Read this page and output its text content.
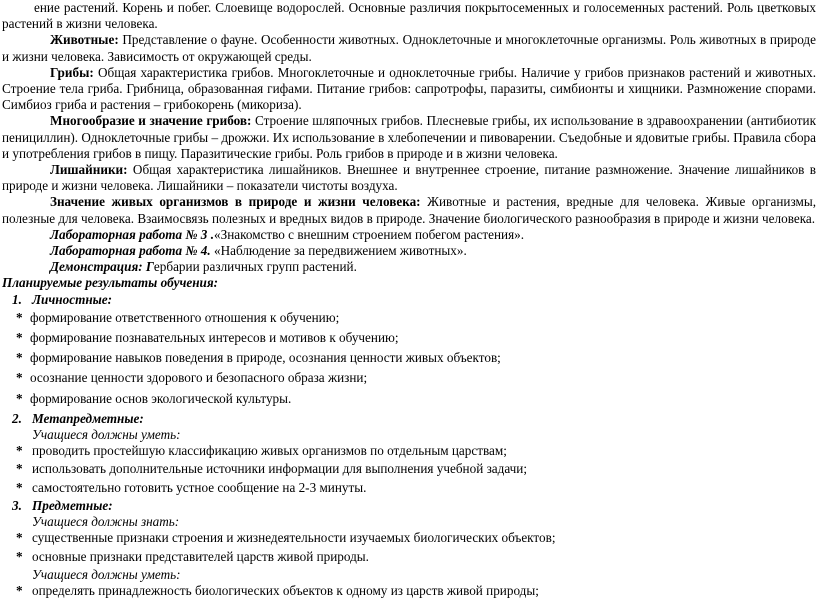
ение растений. Корень и побег. Слоевище водорослей. Основные различия покрытосеменных и голосеменных растений. Роль цветковых растений в жизни человека.

Животные: Представление о фауне. Особенности животных. Одноклеточные и многоклеточные организмы. Роль животных в природе и жизни человека. Зависимость от окружающей среды.

Грибы: Общая характеристика грибов. Многоклеточные и одноклеточные грибы. Наличие у грибов признаков растений и животных. Строение тела гриба. Грибница, образованная гифами. Питание грибов: сапротрофы, паразиты, симбионты и хищники. Размножение спорами. Симбиоз гриба и растения – грибокорень (микориза).

Многообразие и значение грибов: Строение шляпочных грибов. Плесневые грибы, их использование в здравоохранении (антибиотик пенициллин). Одноклеточные грибы – дрожжи. Их использование в хлебопечении и пивоварении. Съедобные и ядовитые грибы. Правила сбора и употребления грибов в пищу. Паразитические грибы. Роль грибов в природе и в жизни человека.

Лишайники: Общая характеристика лишайников. Внешнее и внутреннее строение, питание размножение. Значение лишайников в природе и жизни человека. Лишайники – показатели чистоты воздуха.

Значение живых организмов в природе и жизни человека: Животные и растения, вредные для человека. Живые организмы, полезные для человека. Взаимосвязь полезных и вредных видов в природе. Значение биологического разнообразия в природе и жизни человека.

Лабораторная работа № 3 .«Знакомство с внешним строением побегом растения».

Лабораторная работа № 4. «Наблюдение за передвижением животных».

Демонстрация: Гербарии различных групп растений.

Планируемые результаты обучения:

1. Личностные:

* формирование ответственного отношения к обучению;
* формирование познавательных интересов и мотивов к обучению;
* формирование навыков поведения в природе, осознания ценности живых объектов;
* осознание ценности здорового и безопасного образа жизни;
* формирование основ экологической культуры.

2. Метапредметные:

Учащиеся должны уметь:

* проводить простейшую классификацию живых организмов по отдельным царствам;
* использовать дополнительные источники информации для выполнения учебной задачи;
* самостоятельно готовить устное сообщение на 2-3 минуты.

3. Предметные:

Учащиеся должны знать:

* существенные признаки строения и жизнедеятельности изучаемых биологических объектов;
* основные признаки представителей царств живой природы.

Учащиеся должны уметь:

* определять принадлежность биологических объектов к одному из царств живой природы;
